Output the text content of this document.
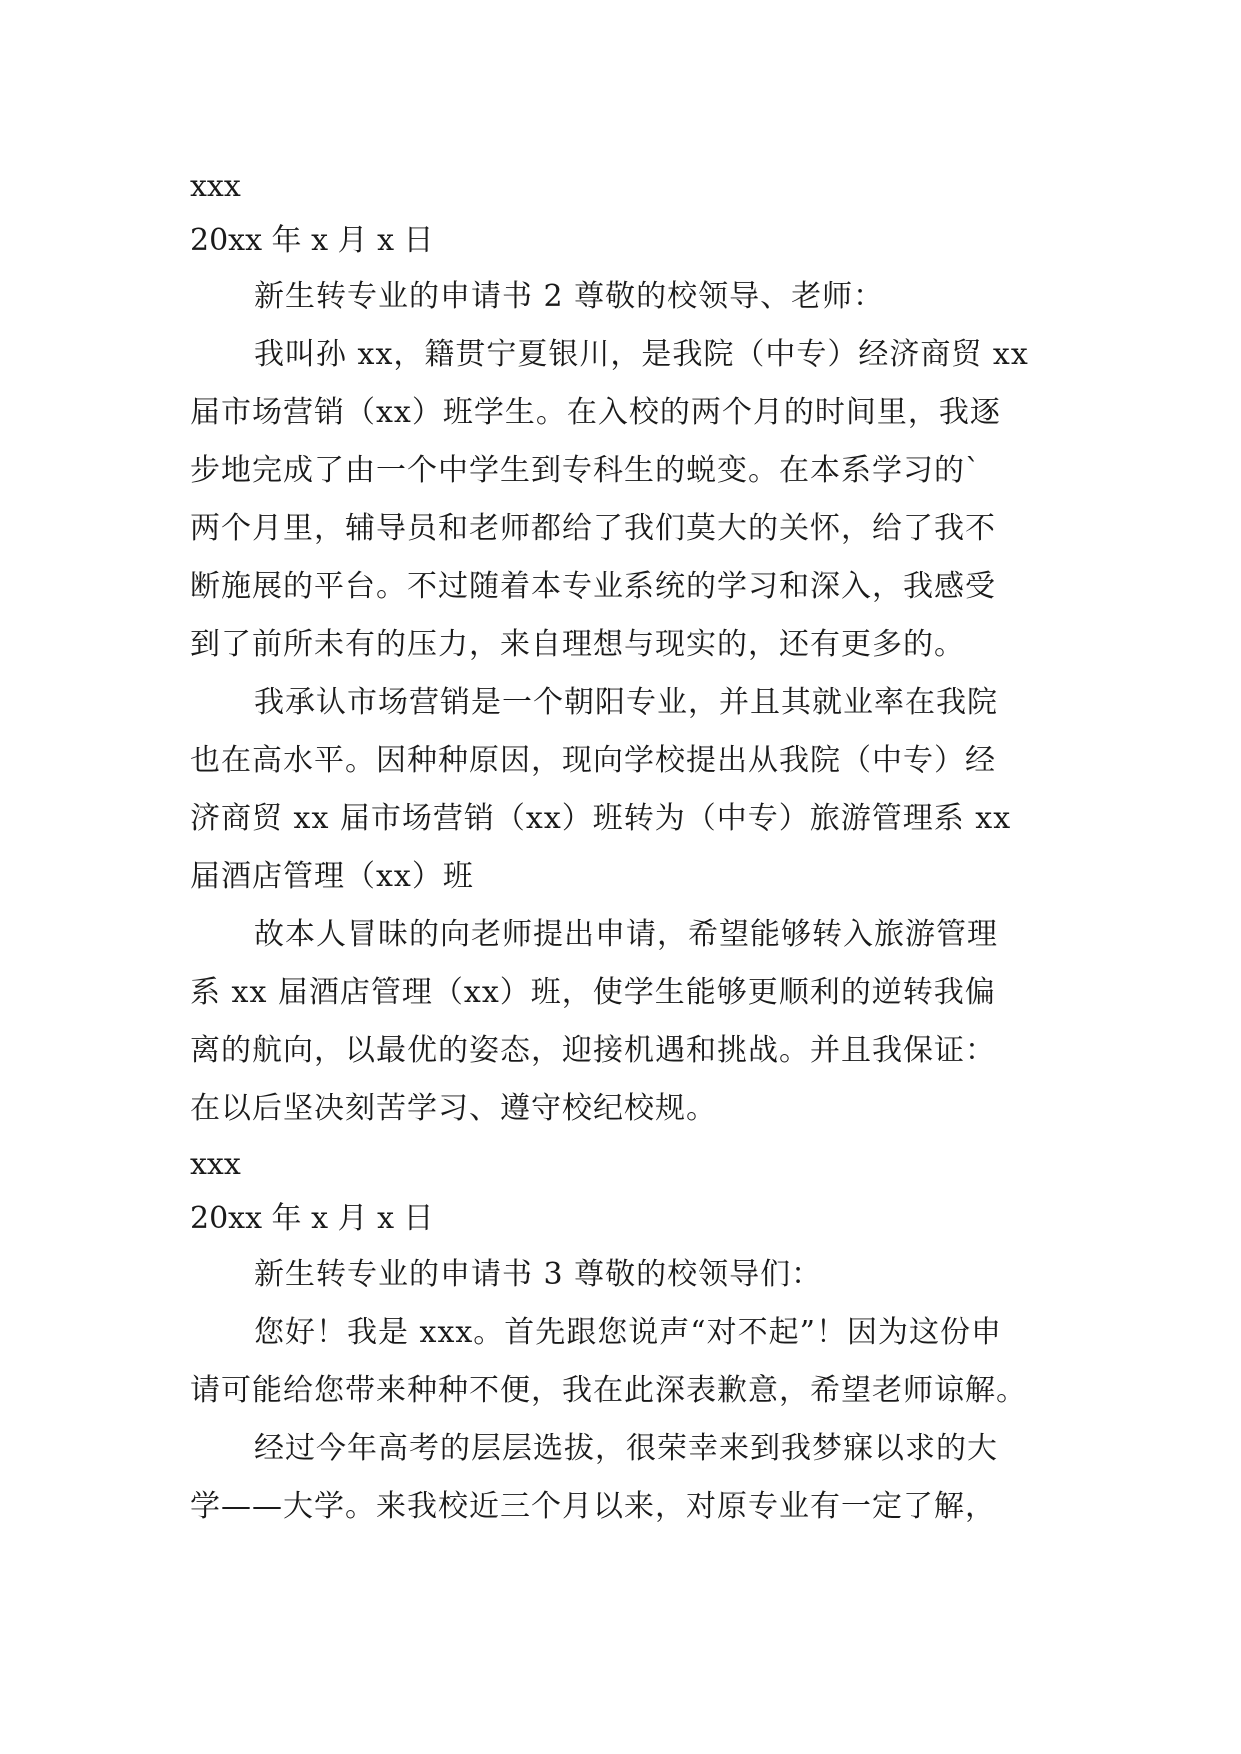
xxx
20xx 年 x 月 x 日
新生转专业的申请书 2 尊敬的校领导、老师：
我叫孙 xx，籍贯宁夏银川，是我院（中专）经济商贸 xx
届市场营销（xx）班学生。在入校的两个月的时间里，我逐
步地完成了由一个中学生到专科生的蜕变。在本系学习的`
两个月里，辅导员和老师都给了我们莫大的关怀，给了我不
断施展的平台。不过随着本专业系统的学习和深入，我感受
到了前所未有的压力，来自理想与现实的，还有更多的。
我承认市场营销是一个朝阳专业，并且其就业率在我院
也在高水平。因种种原因，现向学校提出从我院（中专）经
济商贸 xx 届市场营销（xx）班转为（中专）旅游管理系 xx
届酒店管理（xx）班
故本人冒昧的向老师提出申请，希望能够转入旅游管理
系 xx 届酒店管理（xx）班，使学生能够更顺利的逆转我偏
离的航向，以最优的姿态，迎接机遇和挑战。并且我保证：
在以后坚决刻苦学习、遵守校纪校规。
xxx
20xx 年 x 月 x 日
新生转专业的申请书 3 尊敬的校领导们：
您好！我是 xxx。首先跟您说声“对不起”！因为这份申
请可能给您带来种种不便，我在此深表歉意，希望老师谅解。
经过今年高考的层层选拔，很荣幸来到我梦寐以求的大
学——大学。来我校近三个月以来，对原专业有一定了解，
